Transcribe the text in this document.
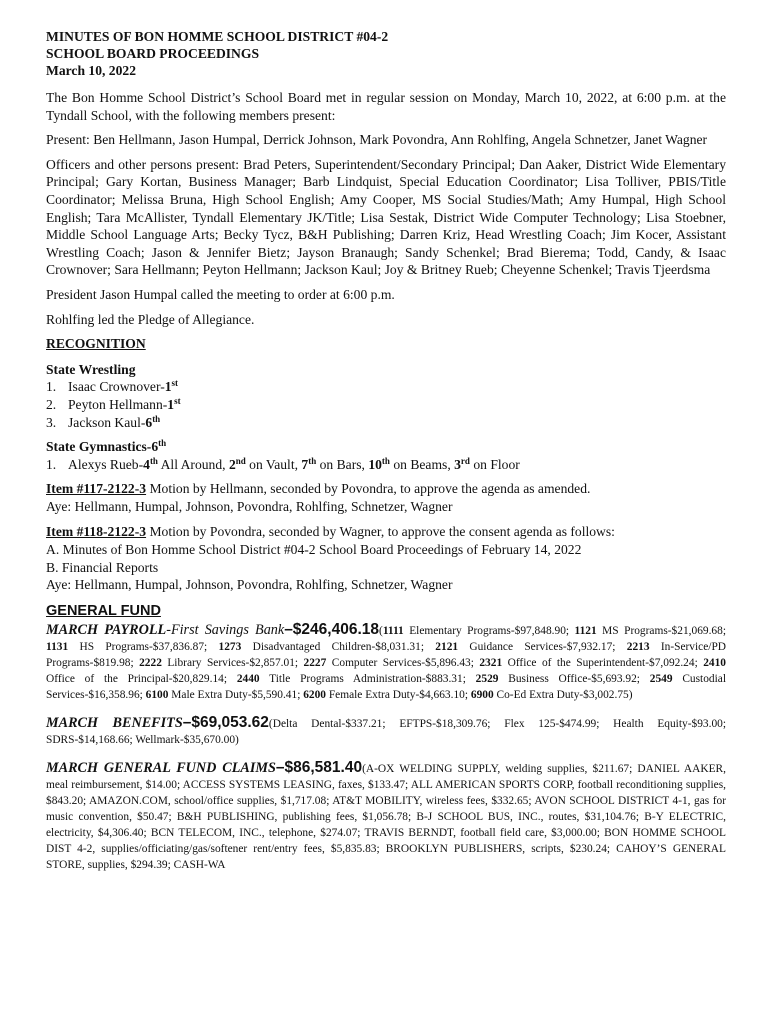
MINUTES OF BON HOMME SCHOOL DISTRICT #04-2
SCHOOL BOARD PROCEEDINGS
March 10, 2022

The Bon Homme School District’s School Board met in regular session on Monday, March 10, 2022, at 6:00 p.m. at the Tyndall School, with the following members present:

Present: Ben Hellmann, Jason Humpal, Derrick Johnson, Mark Povondra, Ann Rohlfing, Angela Schnetzer, Janet Wagner

Officers and other persons present: Brad Peters, Superintendent/Secondary Principal; Dan Aaker, District Wide Elementary Principal; Gary Kortan, Business Manager; Barb Lindquist, Special Education Coordinator; Lisa Tolliver, PBIS/Title Coordinator; Melissa Bruna, High School English; Amy Cooper, MS Social Studies/Math; Amy Humpal, High School English; Tara McAllister, Tyndall Elementary JK/Title; Lisa Sestak, District Wide Computer Technology; Lisa Stoebner, Middle School Language Arts; Becky Tycz, B&H Publishing; Darren Kriz, Head Wrestling Coach; Jim Kocer, Assistant Wrestling Coach; Jason & Jennifer Bietz; Jayson Branaugh; Sandy Schenkel; Brad Bierema; Todd, Candy, & Isaac Crownover; Sara Hellmann; Peyton Hellmann; Jackson Kaul; Joy & Britney Rueb; Cheyenne Schenkel; Travis Tjeerdsma

President Jason Humpal called the meeting to order at 6:00 p.m.

Rohlfing led the Pledge of Allegiance.

RECOGNITION
State Wrestling
1. Isaac Crownover-1st
2. Peyton Hellmann-1st
3. Jackson Kaul-6th
State Gymnastics-6th
1. Alexys Rueb-4th All Around, 2nd on Vault, 7th on Bars, 10th on Beams, 3rd on Floor

Item #117-2122-3 Motion by Hellmann, seconded by Povondra, to approve the agenda as amended.
Aye: Hellmann, Humpal, Johnson, Povondra, Rohlfing, Schnetzer, Wagner

Item #118-2122-3 Motion by Povondra, seconded by Wagner, to approve the consent agenda as follows:
A. Minutes of Bon Homme School District #04-2 School Board Proceedings of February 14, 2022
B. Financial Reports
Aye: Hellmann, Humpal, Johnson, Povondra, Rohlfing, Schnetzer, Wagner

GENERAL FUND
MARCH PAYROLL-First Savings Bank–$246,406.18(1111 Elementary Programs-$97,848.90; 1121 MS Programs-$21,069.68; 1131 HS Programs-$37,836.87; 1273 Disadvantaged Children-$8,031.31; 2121 Guidance Services-$7,932.17; 2213 In-Service/PD Programs-$819.98; 2222 Library Services-$2,857.01; 2227 Computer Services-$5,896.43; 2321 Office of the Superintendent-$7,092.24; 2410 Office of the Principal-$20,829.14; 2440 Title Programs Administration-$883.31; 2529 Business Office-$5,693.92; 2549 Custodial Services-$16,358.96; 6100 Male Extra Duty-$5,590.41; 6200 Female Extra Duty-$4,663.10; 6900 Co-Ed Extra Duty-$3,002.75)
MARCH BENEFITS–$69,053.62(Delta Dental-$337.21; EFTPS-$18,309.76; Flex 125-$474.99; Health Equity-$93.00; SDRS-$14,168.66; Wellmark-$35,670.00)
MARCH GENERAL FUND CLAIMS–$86,581.40(A-OX WELDING SUPPLY, welding supplies, $211.67; DANIEL AAKER, meal reimbursement, $14.00; ACCESS SYSTEMS LEASING, faxes, $133.47; ALL AMERICAN SPORTS CORP, football reconditioning supplies, $843.20; AMAZON.COM, school/office supplies, $1,717.08; AT&T MOBILITY, wireless fees, $332.65; AVON SCHOOL DISTRICT 4-1, gas for music convention, $50.47; B&H PUBLISHING, publishing fees, $1,056.78; B-J SCHOOL BUS, INC., routes, $31,104.76; B-Y ELECTRIC, electricity, $4,306.40; BCN TELECOM, INC., telephone, $274.07; TRAVIS BERNDT, football field care, $3,000.00; BON HOMME SCHOOL DIST 4-2, supplies/officiating/gas/softener rent/entry fees, $5,835.83; BROOKLYN PUBLISHERS, scripts, $230.24; CAHOY’S GENERAL STORE, supplies, $294.39; CASH-WA
